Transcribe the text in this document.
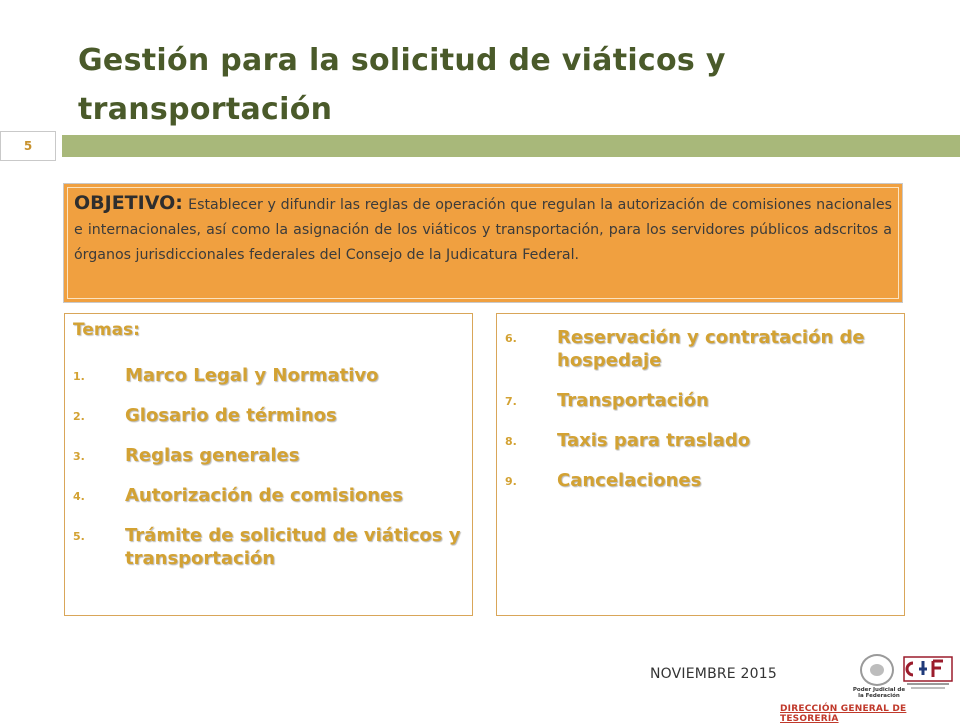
Gestión para la solicitud de viáticos y transportación
5
OBJETIVO: Establecer y difundir las reglas de operación que regulan la autorización de comisiones nacionales e internacionales, así como la asignación de los viáticos y transportación, para los servidores públicos adscritos a órganos jurisdiccionales federales del Consejo de la Judicatura Federal.
Temas:
1.	Marco Legal y Normativo
2.	Glosario de términos
3.	Reglas generales
4.	Autorización de comisiones
5.	Trámite de solicitud de viáticos y transportación
6.	Reservación y contratación de hospedaje
7.	Transportación
8.	Taxis para traslado
9.	Cancelaciones
NOVIEMBRE 2015
Poder Judicial de la Federación
DIRECCIÓN GENERAL DE TESORERÍA
